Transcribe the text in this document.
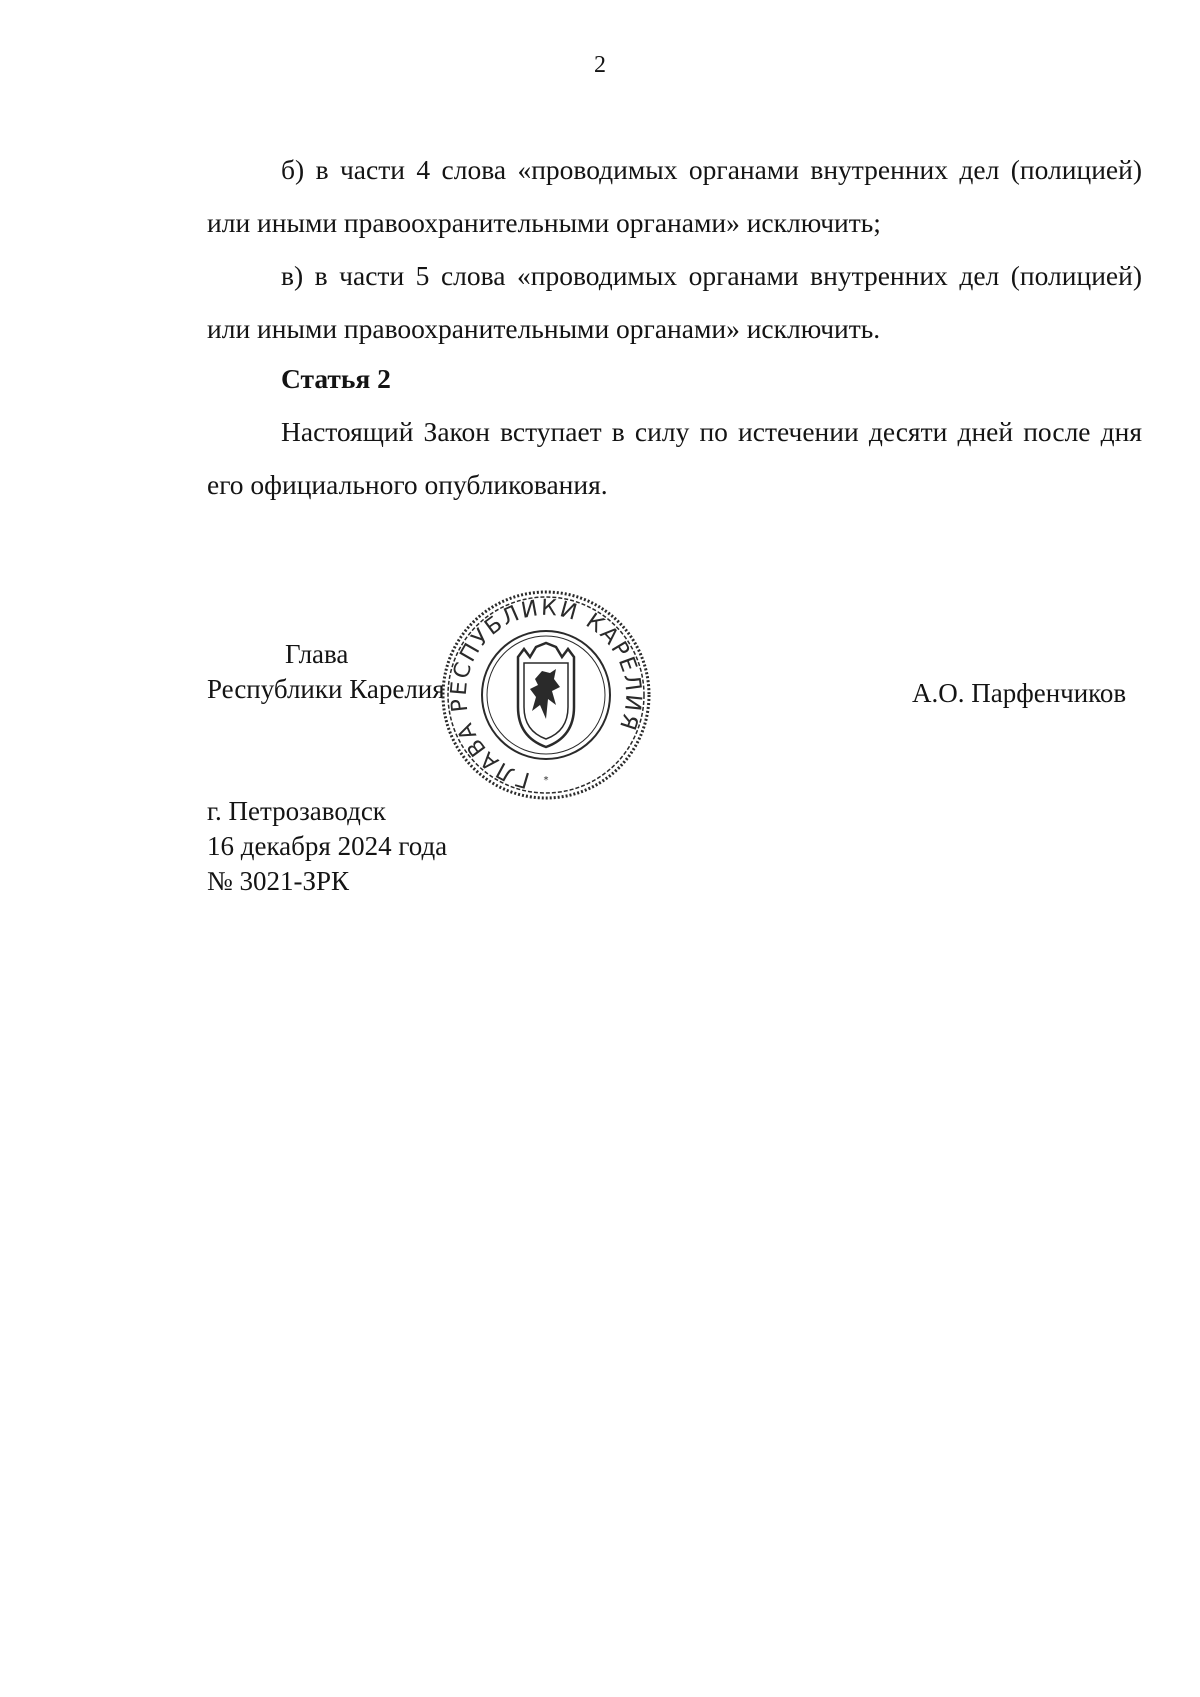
2

б) в части 4 слова «проводимых органами внутренних дел (полицией) или иными правоохранительными органами» исключить;

в) в части 5 слова «проводимых органами внутренних дел (полицией) или иными правоохранительными органами» исключить.

Статья 2

Настоящий Закон вступает в силу по истечении десяти дней после дня его официального опубликования.

Глава
Республики Карелия	А.О. Парфенчиков
ГЛАВА РЕСПУБЛИКИ КАРЕЛИЯ
*
г. Петрозаводск
16 декабря 2024 года
№ 3021-ЗРК
